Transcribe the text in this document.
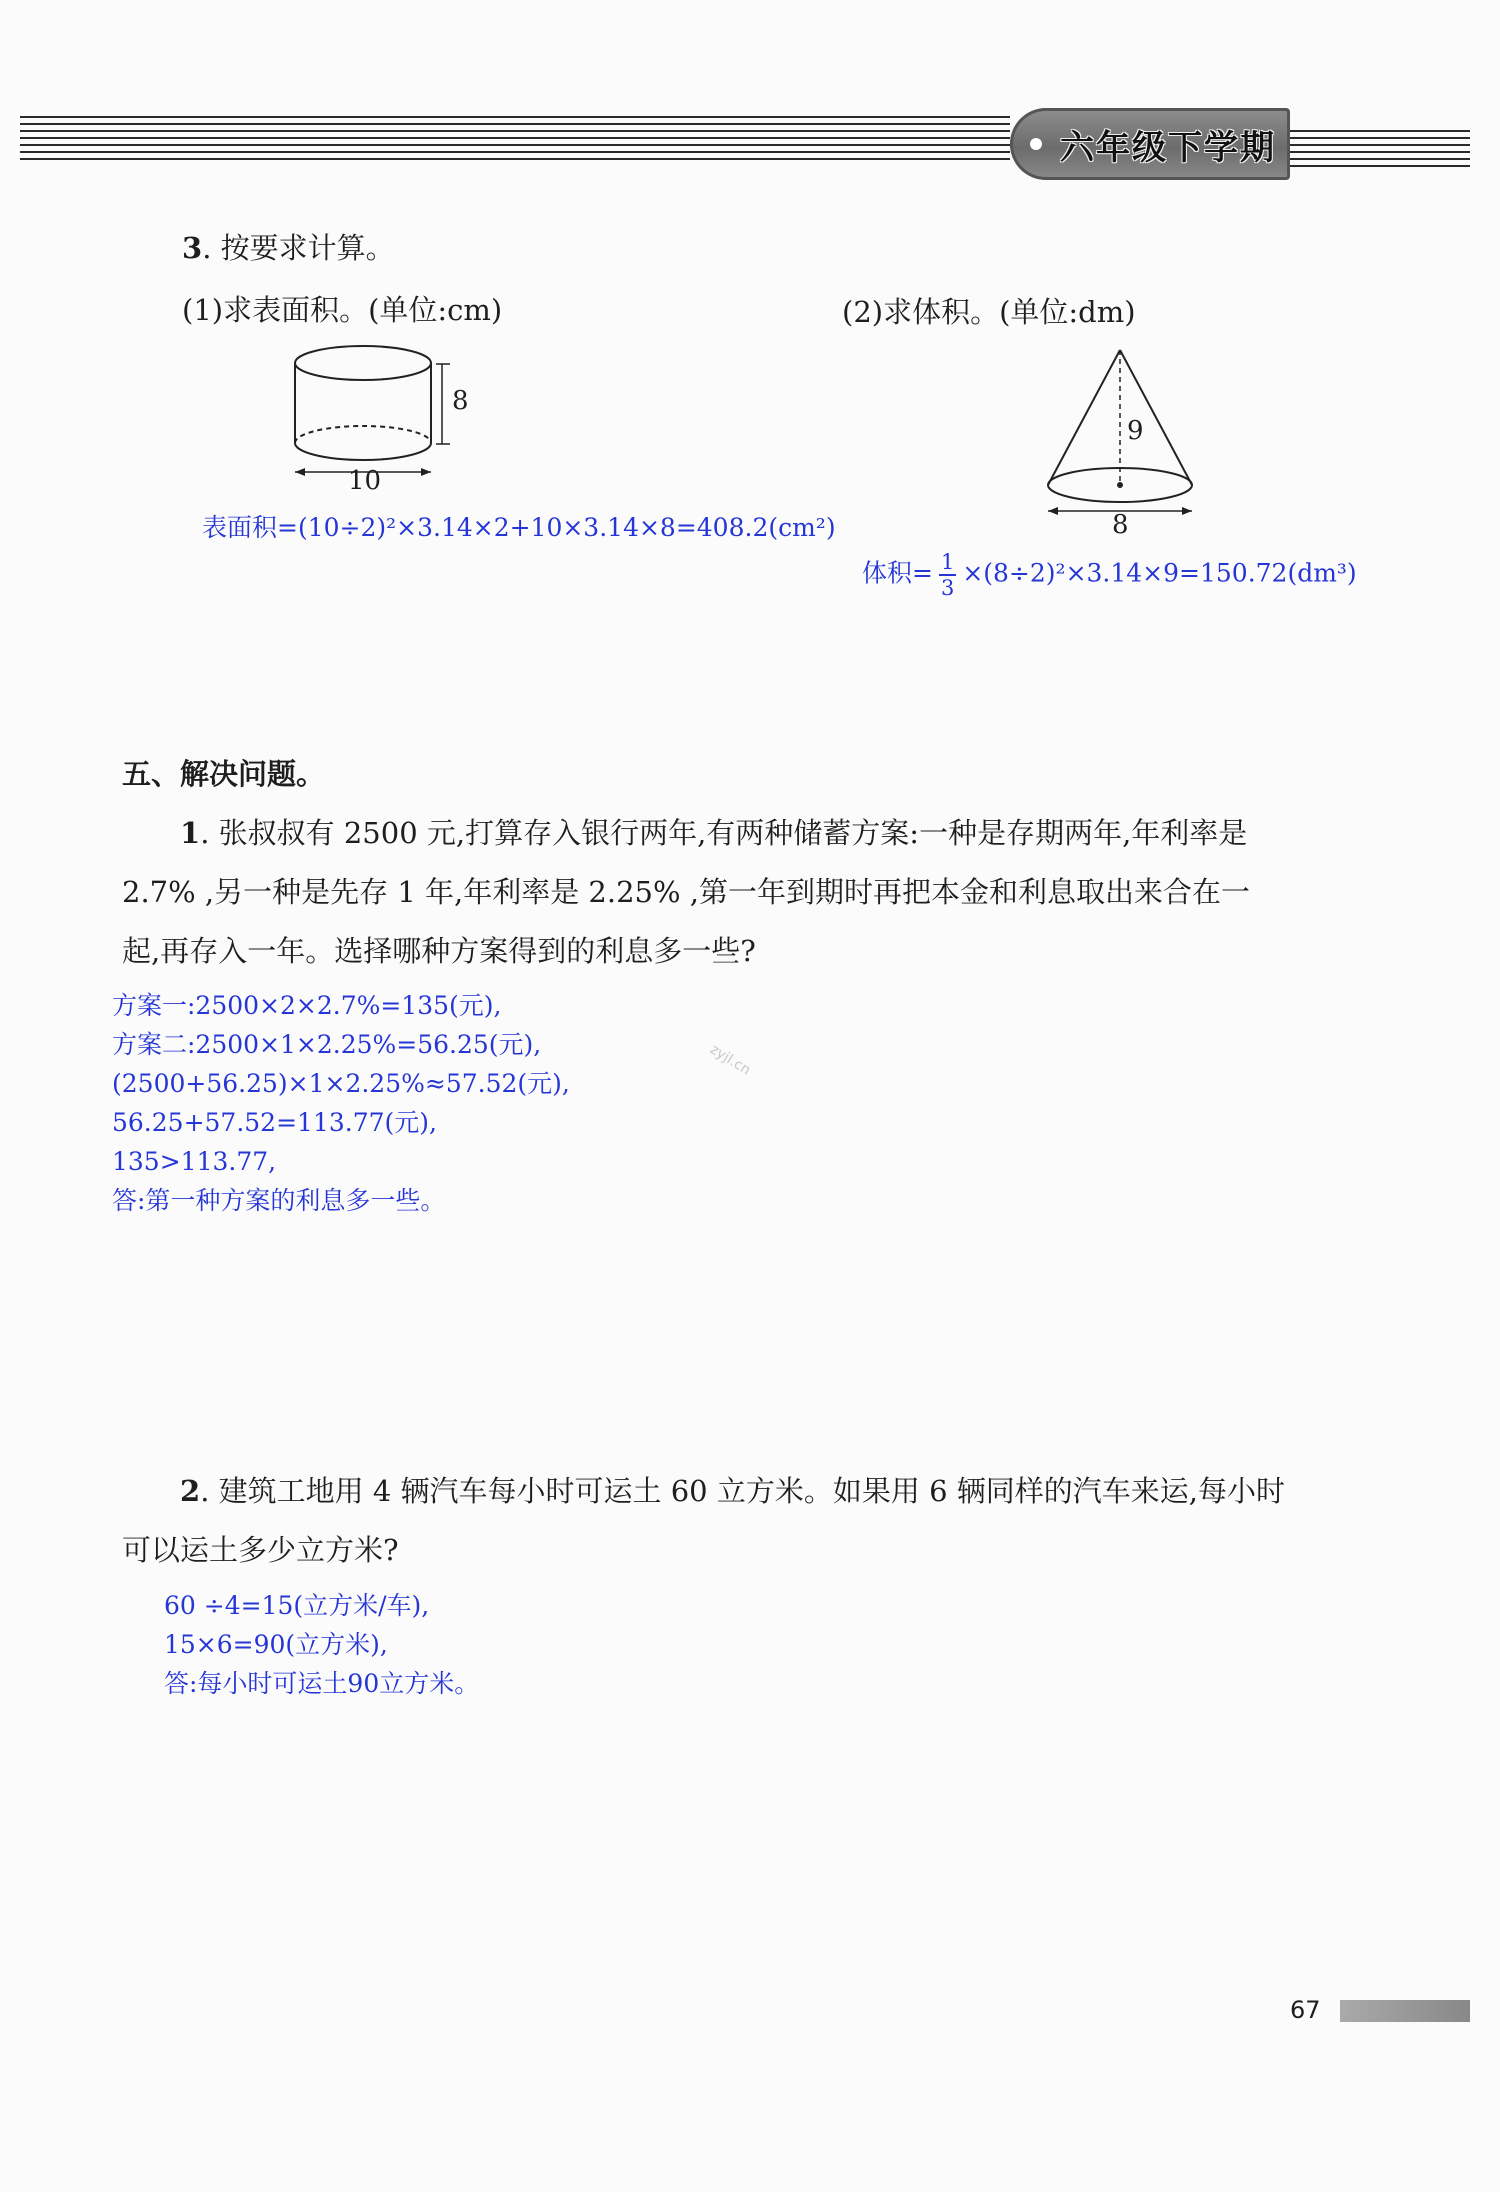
六年级下学期
3. 按要求计算。
(1)求表面积。(单位:cm)	(2)求体积。(单位:dm)
8
10
9
8
表面积=(10÷2)²×3.14×2+10×3.14×8=408.2(cm²)
体积= $\frac{1}{3} \times(8\div 2)^2\times 3.14\times 9=150.72(dm^3)$
五、解决问题。
1. 张叔叔有 2500 元,打算存入银行两年,有两种储蓄方案:一种是存期两年,年利率是
2.7% ,另一种是先存 1 年,年利率是 2.25% ,第一年到期时再把本金和利息取出来合在一
起,再存入一年。选择哪种方案得到的利息多一些?
方案一:2500×2×2.7%=135(元),
方案二:2500×1×2.25%=56.25(元),
(2500+56.25)×1×2.25%≈57.52(元),
56.25+57.52=113.77(元),
135>113.77,
答:第一种方案的利息多一些。
zyjl.cn
2. 建筑工地用 4 辆汽车每小时可运土 60 立方米。如果用 6 辆同样的汽车来运,每小时
可以运土多少立方米?
60 ÷4=15(立方米/车),
15×6=90(立方米),
答:每小时可运土90立方米。
67
